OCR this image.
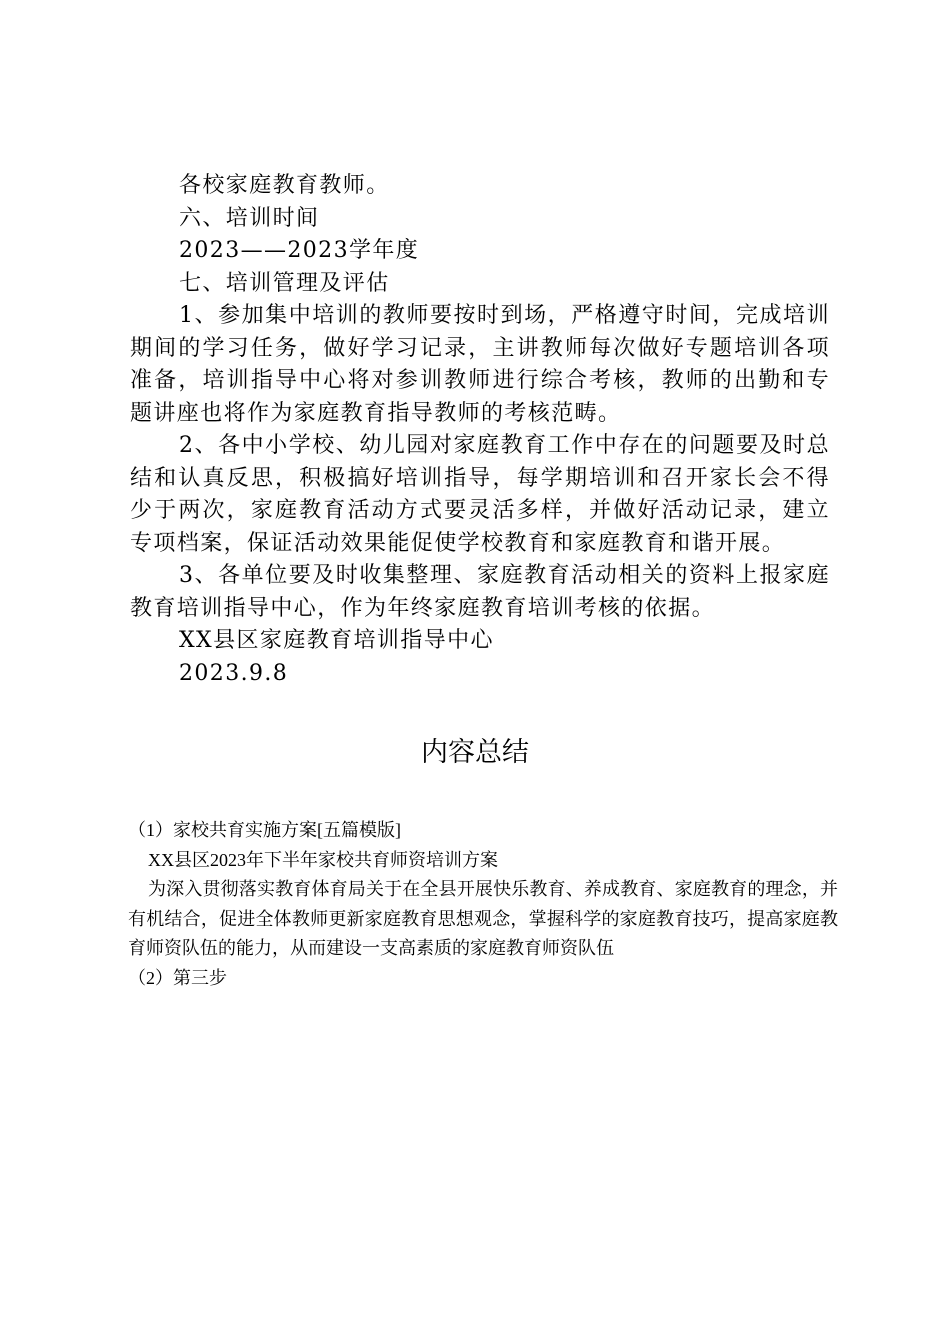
各校家庭教育教师。

六、培训时间

2023——2023学年度

七、培训管理及评估

1、参加集中培训的教师要按时到场，严格遵守时间，完成培训期间的学习任务，做好学习记录，主讲教师每次做好专题培训各项准备，培训指导中心将对参训教师进行综合考核，教师的出勤和专题讲座也将作为家庭教育指导教师的考核范畴。

2、各中小学校、幼儿园对家庭教育工作中存在的问题要及时总结和认真反思，积极搞好培训指导，每学期培训和召开家长会不得少于两次，家庭教育活动方式要灵活多样，并做好活动记录，建立专项档案，保证活动效果能促使学校教育和家庭教育和谐开展。

3、各单位要及时收集整理、家庭教育活动相关的资料上报家庭教育培训指导中心，作为年终家庭教育培训考核的依据。

XX县区家庭教育培训指导中心

2023.9.8

内容总结

（1）家校共育实施方案[五篇模版]

XX县区2023年下半年家校共育师资培训方案

为深入贯彻落实教育体育局关于在全县开展快乐教育、养成教育、家庭教育的理念，并有机结合，促进全体教师更新家庭教育思想观念，掌握科学的家庭教育技巧，提高家庭教育师资队伍的能力，从而建设一支高素质的家庭教育师资队伍

（2）第三步
